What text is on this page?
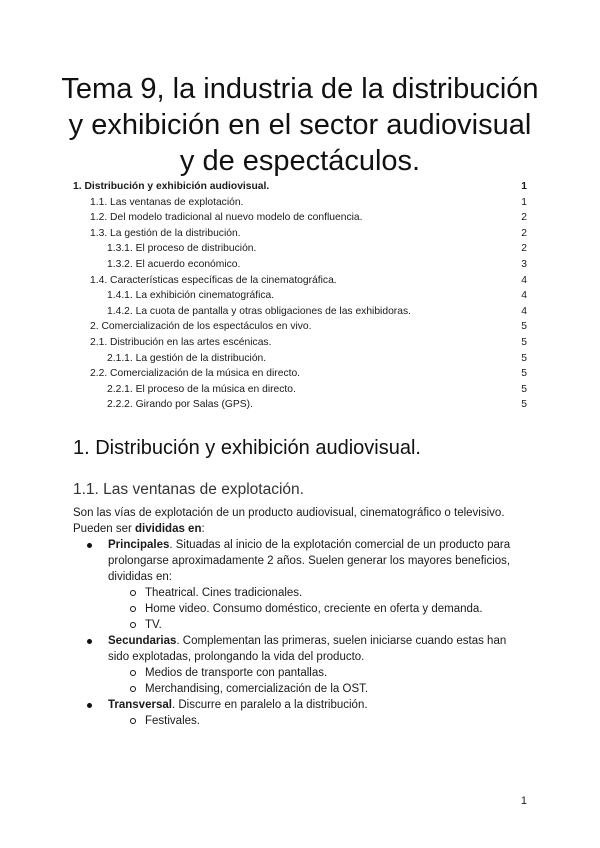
Tema 9, la industria de la distribución y exhibición en el sector audiovisual y de espectáculos.
1. Distribución y exhibición audiovisual.	1
1.1. Las ventanas de explotación.	1
1.2. Del modelo tradicional al nuevo modelo de confluencia.	2
1.3. La gestión de la distribución.	2
1.3.1. El proceso de distribución.	2
1.3.2. El acuerdo económico.	3
1.4. Características específicas de la cinematográfica.	4
1.4.1. La exhibición cinematográfica.	4
1.4.2. La cuota de pantalla y otras obligaciones de las exhibidoras.	4
2. Comercialización de los espectáculos en vivo.	5
2.1. Distribución en las artes escénicas.	5
2.1.1. La gestión de la distribución.	5
2.2. Comercialización de la música en directo.	5
2.2.1. El proceso de la música en directo.	5
2.2.2. Girando por Salas (GPS).	5
1. Distribución y exhibición audiovisual.
1.1. Las ventanas de explotación.
Son las vías de explotación de un producto audiovisual, cinematográfico o televisivo. Pueden ser divididas en:
Principales. Situadas al inicio de la explotación comercial de un producto para prolongarse aproximadamente 2 años. Suelen generar los mayores beneficios, divididas en:
Theatrical. Cines tradicionales.
Home video. Consumo doméstico, creciente en oferta y demanda.
TV.
Secundarias. Complementan las primeras, suelen iniciarse cuando estas han sido explotadas, prolongando la vida del producto.
Medios de transporte con pantallas.
Merchandising, comercialización de la OST.
Transversal. Discurre en paralelo a la distribución.
Festivales.
1
